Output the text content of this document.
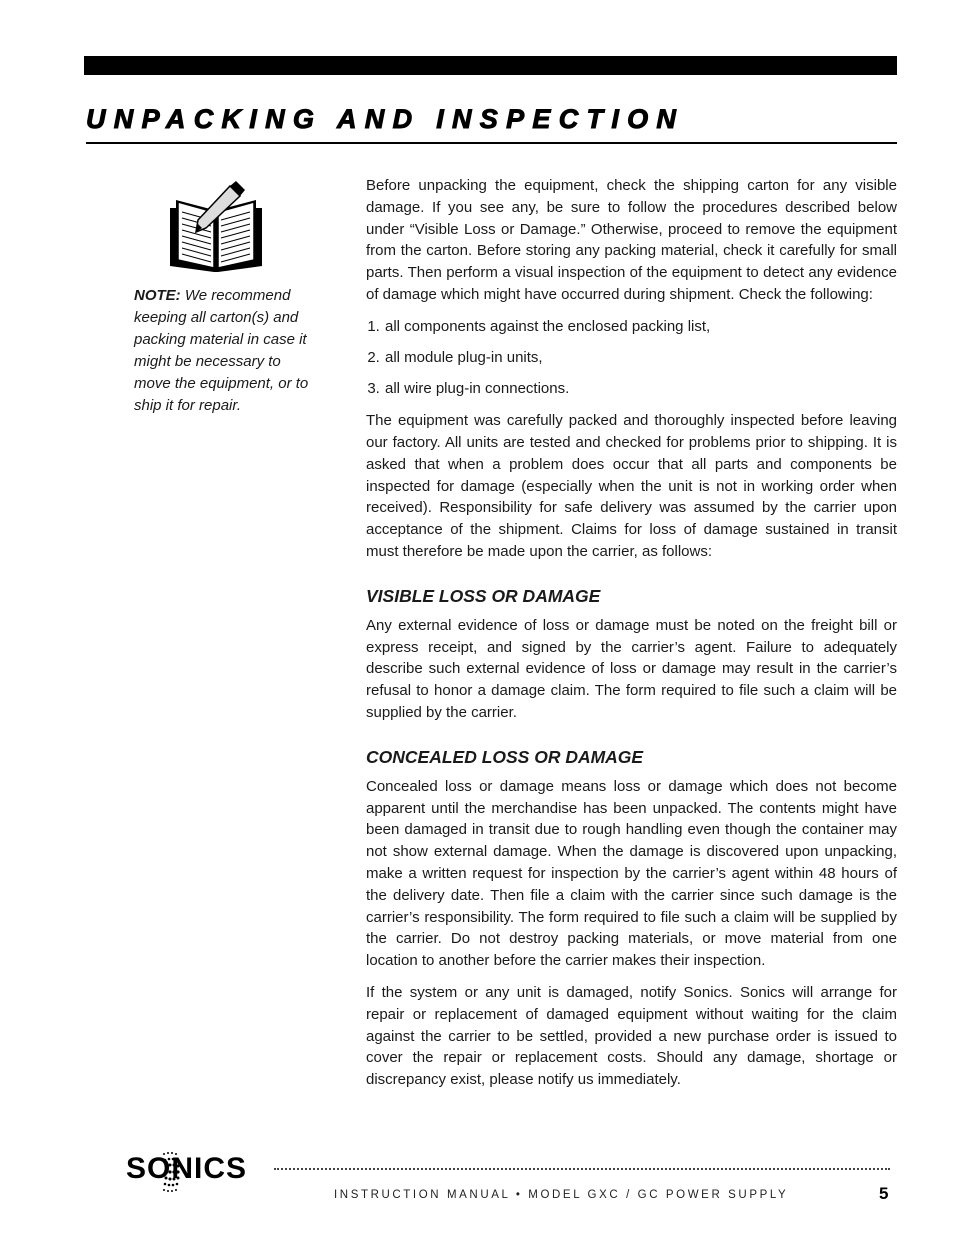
UNPACKING AND INSPECTION
NOTE: We recommend keeping all carton(s) and packing material in case it might be necessary to move the equipment, or to ship it for repair.

Before unpacking the equipment, check the shipping carton for any visible damage. If you see any, be sure to follow the procedures described below under “Visible Loss or Damage.” Otherwise, proceed to remove the equipment from the carton. Before storing any packing material, check it carefully for small parts. Then perform a visual inspection of the equipment to detect any evidence of damage which might have occurred during shipment. Check the following:

1. all components against the enclosed packing list,
2. all module plug-in units,
3. all wire plug-in connections.

The equipment was carefully packed and thoroughly inspected before leaving our factory. All units are tested and checked for problems prior to shipping. It is asked that when a problem does occur that all parts and components be inspected for damage (especially when the unit is not in working order when received). Responsibility for safe delivery was assumed by the carrier upon acceptance of the shipment. Claims for loss of damage sustained in transit must therefore be made upon the carrier, as follows:

VISIBLE LOSS OR DAMAGE

Any external evidence of loss or damage must be noted on the freight bill or express receipt, and signed by the carrier’s agent. Failure to adequately describe such external evidence of loss or damage may result in the carrier’s refusal to honor a damage claim. The form required to file such a claim will be supplied by the carrier.

CONCEALED LOSS OR DAMAGE

Concealed loss or damage means loss or damage which does not become apparent until the merchandise has been unpacked. The contents might have been damaged in transit due to rough handling even though the container may not show external damage. When the damage is discovered upon unpacking, make a written request for inspection by the carrier’s agent within 48 hours of the delivery date. Then file a claim with the carrier since such damage is the carrier’s responsibility. The form required to file such a claim will be supplied by the carrier. Do not destroy packing materials, or move material from one location to another before the carrier makes their inspection.

If the system or any unit is damaged, notify Sonics. Sonics will arrange for repair or replacement of damaged equipment without waiting for the claim against the carrier to be settled, provided a new purchase order is issued to cover the repair or replacement costs. Should any damage, shortage or discrepancy exist, please notify us immediately.

SONICS
INSTRUCTION MANUAL • MODEL GXC / GC POWER SUPPLY	5
